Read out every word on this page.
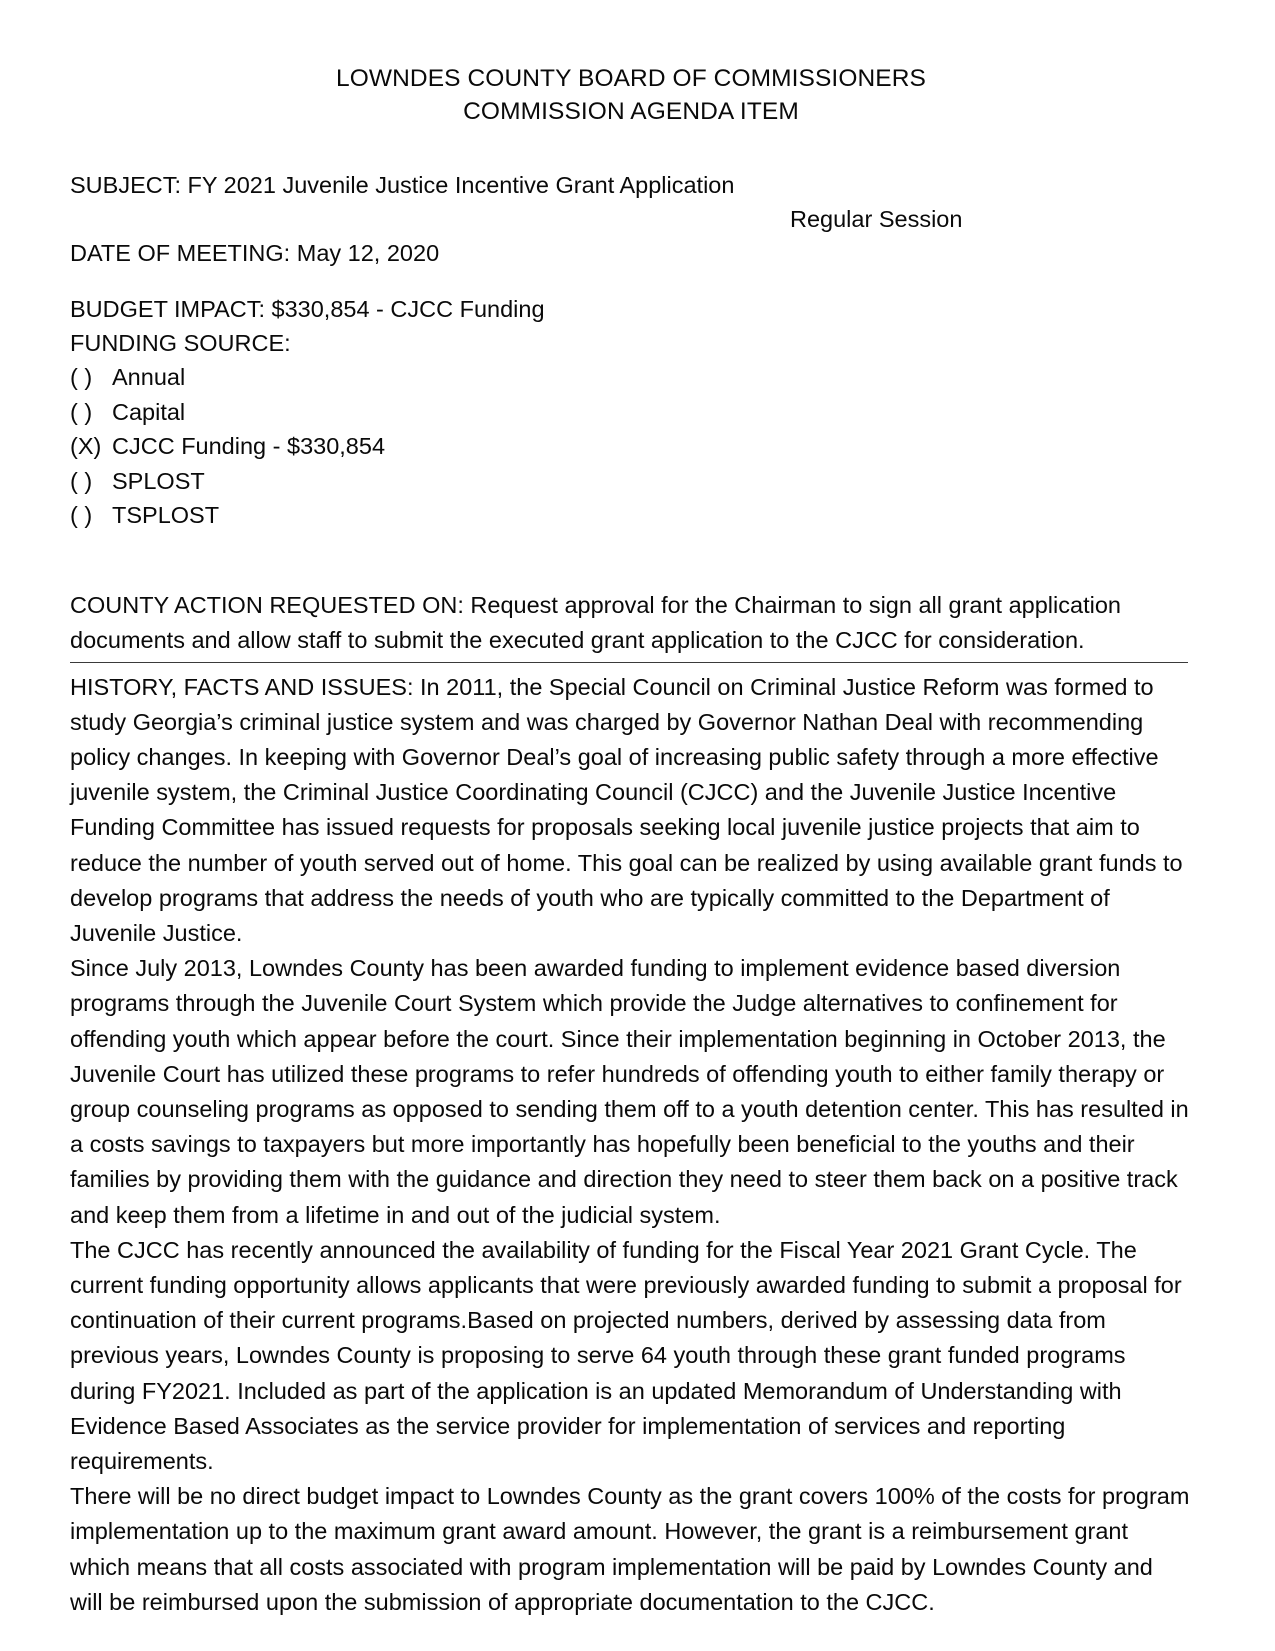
LOWNDES COUNTY BOARD OF COMMISSIONERS
COMMISSION AGENDA ITEM
SUBJECT: FY 2021 Juvenile Justice Incentive Grant Application
Regular Session
DATE OF MEETING: May 12, 2020
BUDGET IMPACT: $330,854 - CJCC Funding
FUNDING SOURCE:
( ) Annual
( ) Capital
(X) CJCC Funding - $330,854
( ) SPLOST
( ) TSPLOST

COUNTY ACTION REQUESTED ON: Request approval for the Chairman to sign all grant application documents and allow staff to submit the executed grant application to the CJCC for consideration.

HISTORY, FACTS AND ISSUES: In 2011, the Special Council on Criminal Justice Reform was formed to study Georgia’s criminal justice system and was charged by Governor Nathan Deal with recommending policy changes. In keeping with Governor Deal’s goal of increasing public safety through a more effective juvenile system, the Criminal Justice Coordinating Council (CJCC) and the Juvenile Justice Incentive Funding Committee has issued requests for proposals seeking local juvenile justice projects that aim to reduce the number of youth served out of home. This goal can be realized by using available grant funds to develop programs that address the needs of youth who are typically committed to the Department of Juvenile Justice.

Since July 2013, Lowndes County has been awarded funding to implement evidence based diversion programs through the Juvenile Court System which provide the Judge alternatives to confinement for offending youth which appear before the court. Since their implementation beginning in October 2013, the Juvenile Court has utilized these programs to refer hundreds of offending youth to either family therapy or group counseling programs as opposed to sending them off to a youth detention center. This has resulted in a costs savings to taxpayers but more importantly has hopefully been beneficial to the youths and their families by providing them with the guidance and direction they need to steer them back on a positive track and keep them from a lifetime in and out of the judicial system.

The CJCC has recently announced the availability of funding for the Fiscal Year 2021 Grant Cycle. The current funding opportunity allows applicants that were previously awarded funding to submit a proposal for continuation of their current programs.Based on projected numbers, derived by assessing data from previous years, Lowndes County is proposing to serve 64 youth through these grant funded programs during FY2021. Included as part of the application is an updated Memorandum of Understanding with Evidence Based Associates as the service provider for implementation of services and reporting requirements.

There will be no direct budget impact to Lowndes County as the grant covers 100% of the costs for program implementation up to the maximum grant award amount. However, the grant is a reimbursement grant which means that all costs associated with program implementation will be paid by Lowndes County and will be reimbursed upon the submission of appropriate documentation to the CJCC.
